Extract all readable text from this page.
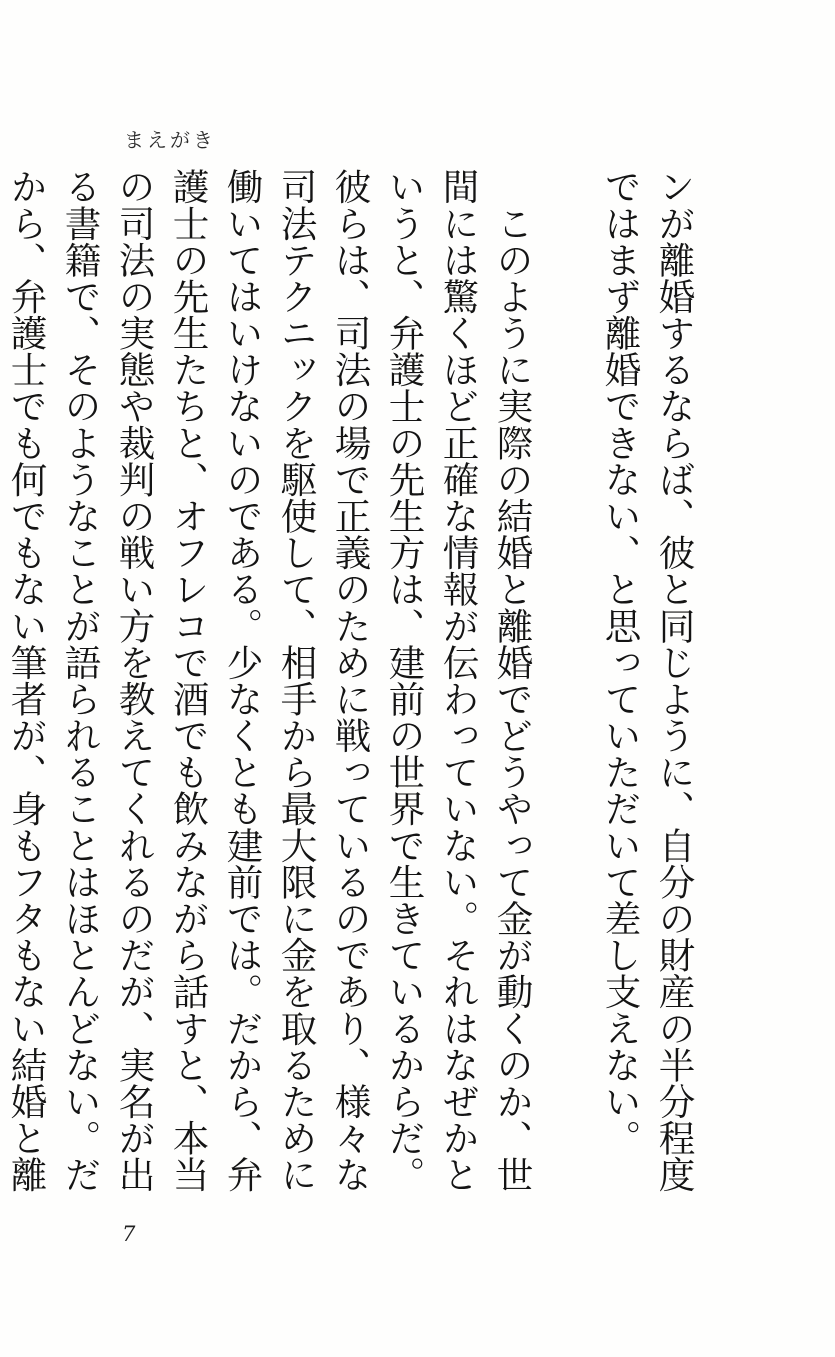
まえがき

ンが離婚するならば、彼と同じように、自分の財産の半分程度ではまず離婚できない、と思っていただいて差し支えない。

　このように実際の結婚と離婚でどうやって金が動くのか、世間には驚くほど正確な情報が伝わっていない。それはなぜかというと、弁護士の先生方は、建前の世界で生きているからだ。彼らは、司法の場で正義のために戦っているのであり、様々な司法テクニックを駆使して、相手から最大限に金を取るために働いてはいけないのである。少なくとも建前では。だから、弁護士の先生たちと、オフレコで酒でも飲みながら話すと、本当の司法の実態や裁判の戦い方を教えてくれるのだが、実名が出る書籍で、そのようなことが語られることはほとんどない。だから、弁護士でも何でもない筆者が、身もフタもない結婚と離

7
